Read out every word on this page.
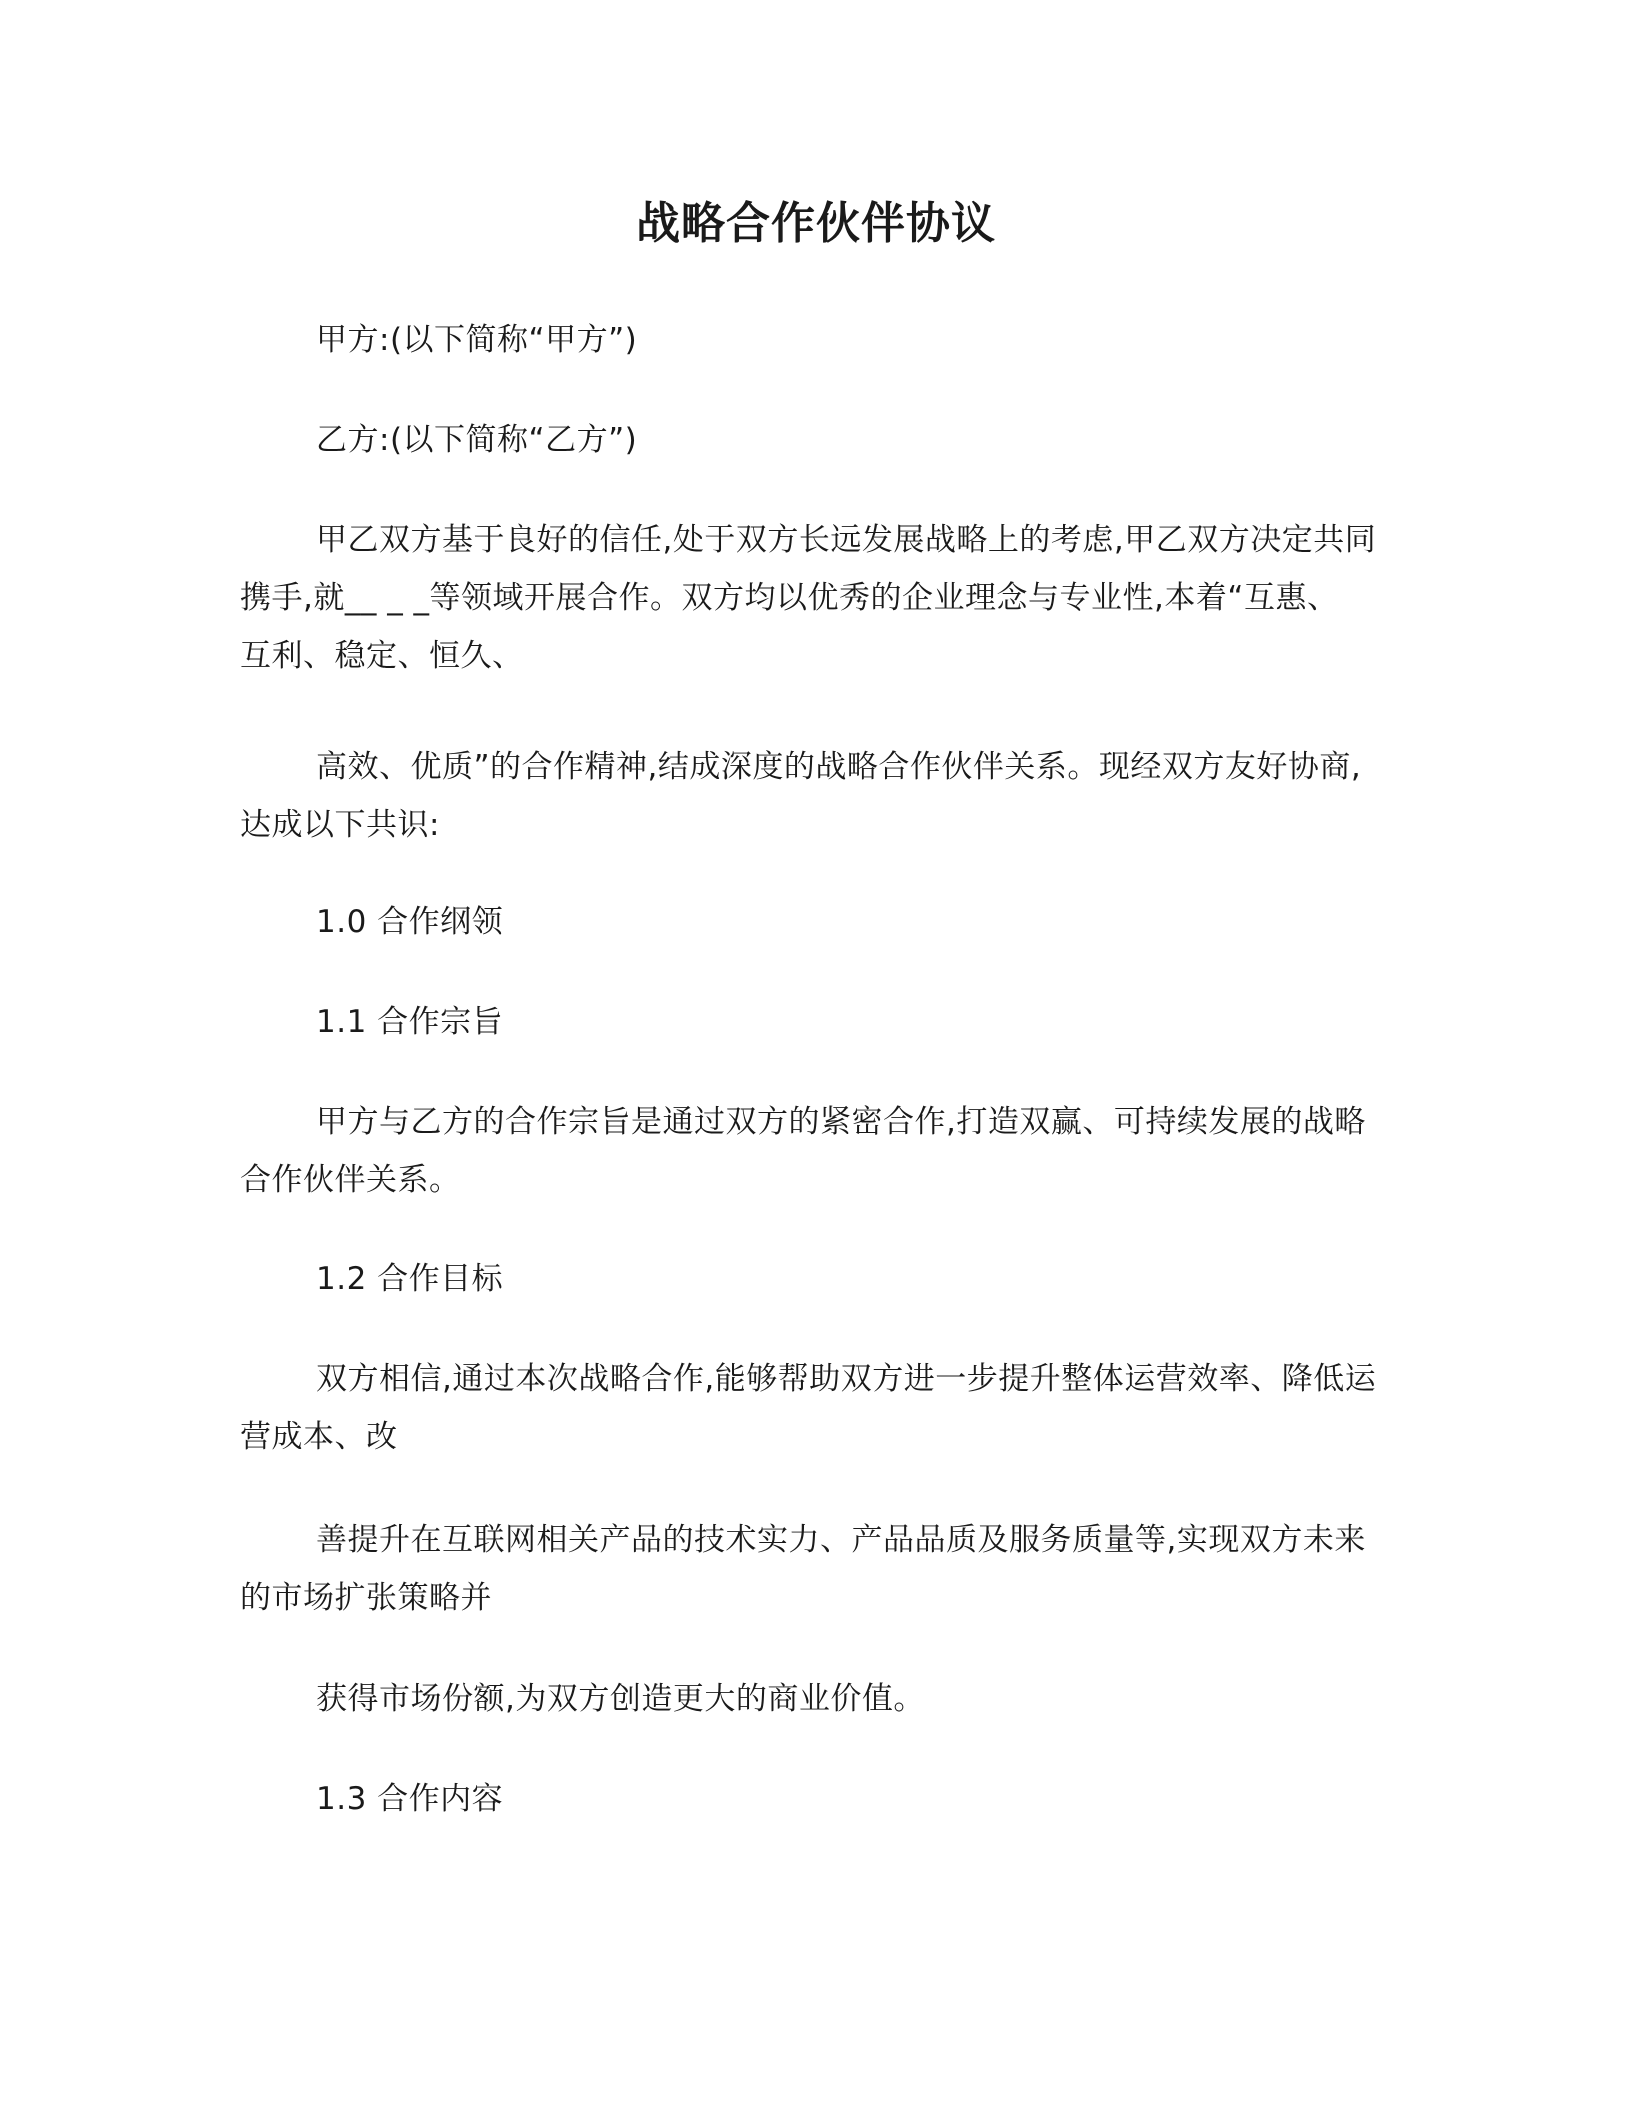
战略合作伙伴协议

甲方:(以下简称“甲方”)

乙方:(以下简称“乙方”)

甲乙双方基于良好的信任,处于双方长远发展战略上的考虑,甲乙双方决定共同
携手,就__ _ _等领域开展合作。双方均以优秀的企业理念与专业性,本着“互惠、
互利、稳定、恒久、
高效、优质”的合作精神,结成深度的战略合作伙伴关系。现经双方友好协商,
达成以下共识:

1.0 合作纲领

1.1 合作宗旨

甲方与乙方的合作宗旨是通过双方的紧密合作,打造双赢、可持续发展的战略
合作伙伴关系。

1.2 合作目标

双方相信,通过本次战略合作,能够帮助双方进一步提升整体运营效率、降低运
营成本、改
善提升在互联网相关产品的技术实力、产品品质及服务质量等,实现双方未来
的市场扩张策略并

获得市场份额,为双方创造更大的商业价值。

1.3 合作内容
